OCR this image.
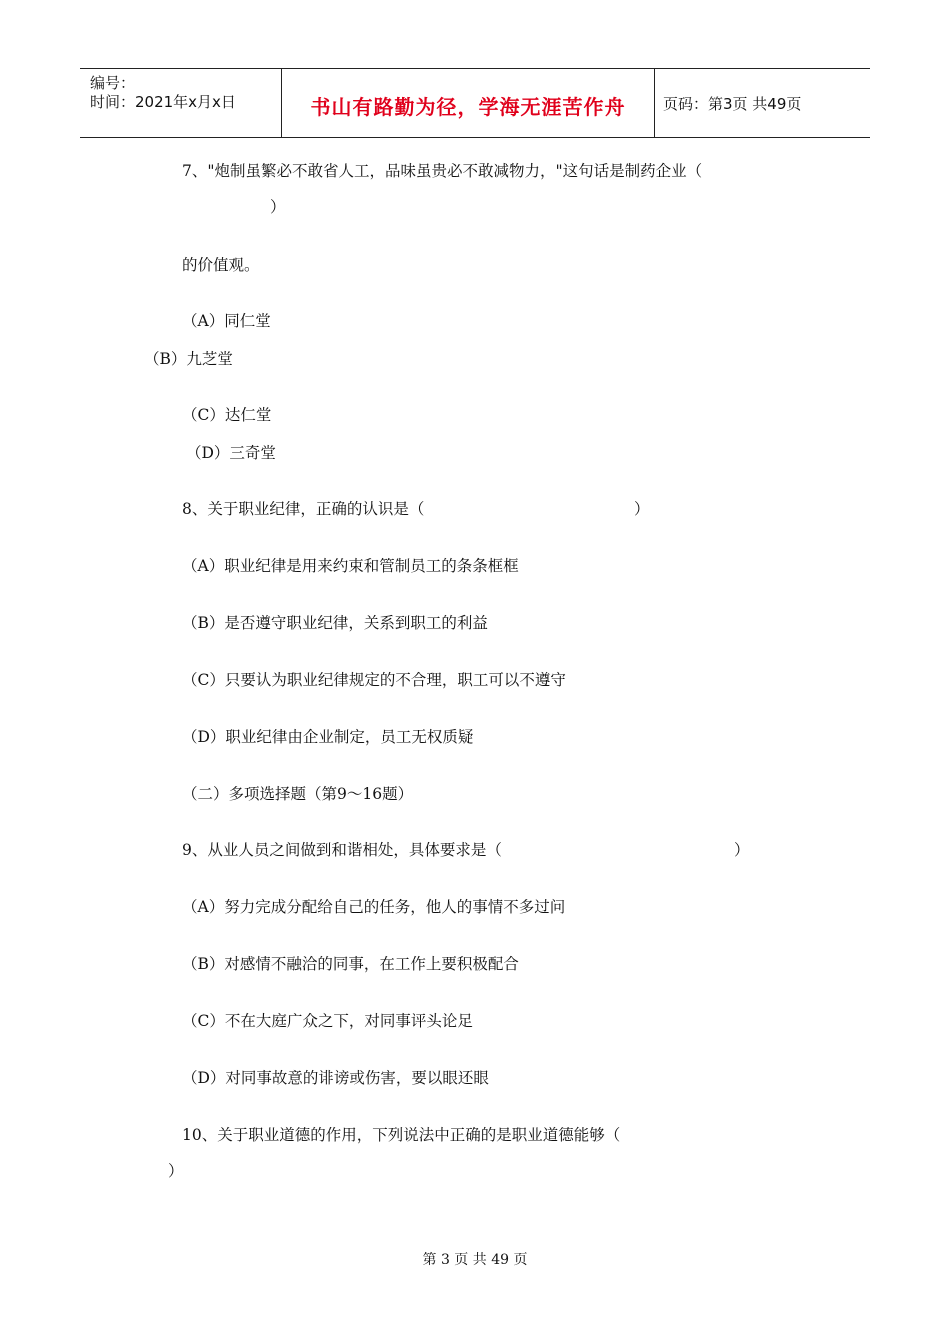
编号：
时间：2021年x月x日	书山有路勤为径，学海无涯苦作舟	页码：第3页 共49页
7、"炮制虽繁必不敢省人工，品味虽贵必不敢减物力，"这句话是制药企业（
）
的价值观。
（A）同仁堂
（B）九芝堂
（C）达仁堂
（D）三奇堂
8、关于职业纪律，正确的认识是（	）
（A）职业纪律是用来约束和管制员工的条条框框
（B）是否遵守职业纪律，关系到职工的利益
（C）只要认为职业纪律规定的不合理，职工可以不遵守
（D）职业纪律由企业制定，员工无权质疑
（二）多项选择题（第9～16题）
9、从业人员之间做到和谐相处，具体要求是（	）
（A）努力完成分配给自己的任务，他人的事情不多过问
（B）对感情不融洽的同事，在工作上要积极配合
（C）不在大庭广众之下，对同事评头论足
（D）对同事故意的诽谤或伤害，要以眼还眼
10、关于职业道德的作用，下列说法中正确的是职业道德能够（
）
第 3 页 共 49 页
